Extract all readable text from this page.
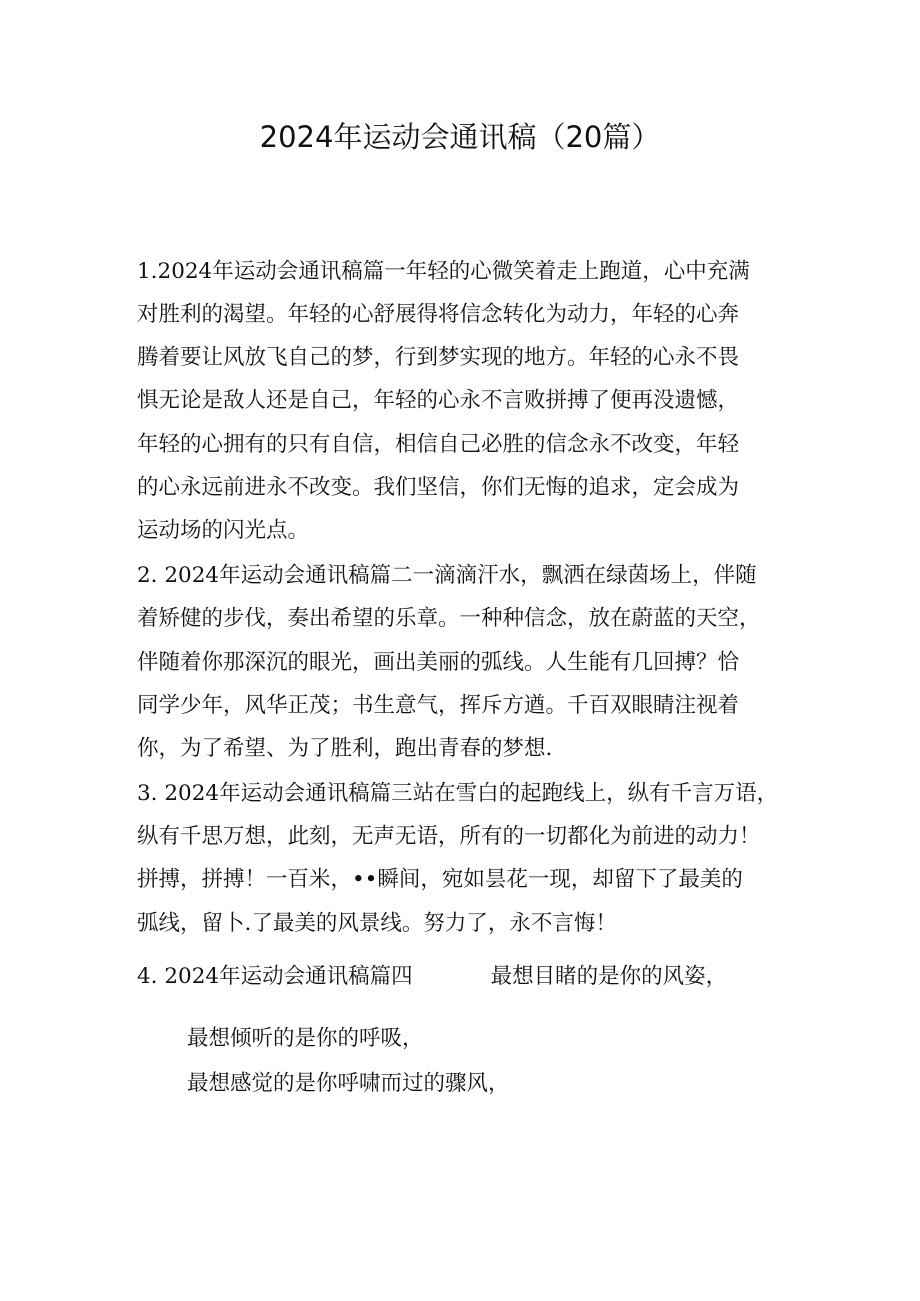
2024年运动会通讯稿（20篇）
1.2024年运动会通讯稿篇一年轻的心微笑着走上跑道，心中充满
对胜利的渴望。年轻的心舒展得将信念转化为动力，年轻的心奔
腾着要让风放飞自己的梦，行到梦实现的地方。年轻的心永不畏
惧无论是敌人还是自己，年轻的心永不言败拼搏了便再没遗憾，
年轻的心拥有的只有自信，相信自己必胜的信念永不改变，年轻
的心永远前进永不改变。我们坚信，你们无悔的追求，定会成为
运动场的闪光点。
2. 2024年运动会通讯稿篇二一滴滴汗水，飘洒在绿茵场上，伴随
着矫健的步伐，奏出希望的乐章。一种种信念，放在蔚蓝的天空，
伴随着你那深沉的眼光，画出美丽的弧线。人生能有几回搏？恰
同学少年，风华正茂；书生意气，挥斥方遒。千百双眼睛注视着
你，为了希望、为了胜利，跑出青春的梦想.
3. 2024年运动会通讯稿篇三站在雪白的起跑线上，纵有千言万语，
纵有千思万想，此刻，无声无语，所有的一切都化为前进的动力！
拼搏，拼搏！一百米，••瞬间，宛如昙花一现，却留下了最美的
弧线，留卜.了最美的风景线。努力了，永不言悔！
4. 2024年运动会通讯稿篇四	最想目睹的是你的风姿，
最想倾听的是你的呼吸，
最想感觉的是你呼啸而过的骤风，
